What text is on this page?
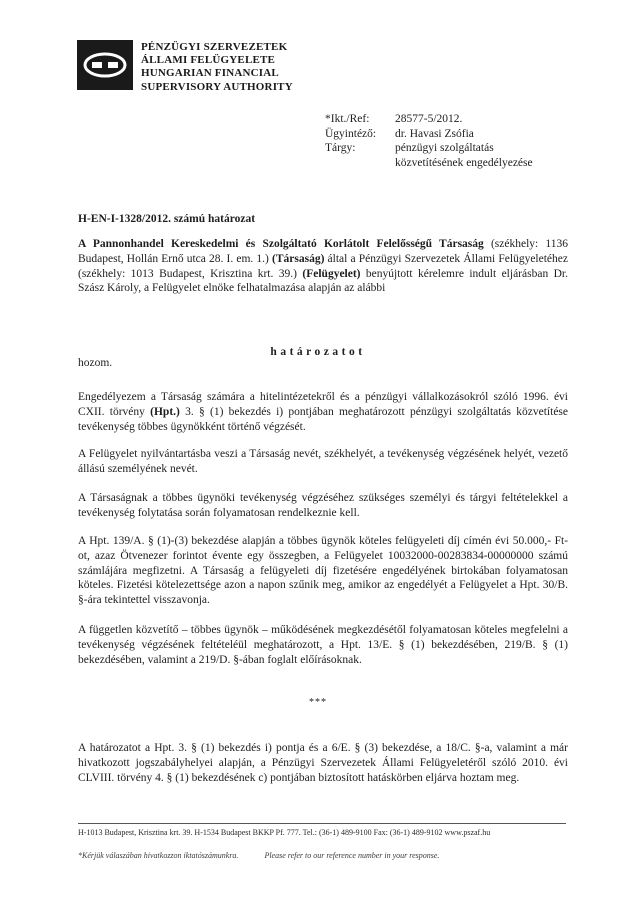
PÉNZÜGYI SZERVEZETEK
ÁLLAMI FELÜGYELETE
HUNGARIAN FINANCIAL
SUPERVISORY AUTHORITY
*Ikt./Ref:	28577-5/2012.
Ügyintéző:	dr. Havasi Zsófia
Tárgy:	pénzügyi szolgáltatás
közvetítésének engedélyezése
H-EN-I-1328/2012. számú határozat
A Pannonhandel Kereskedelmi és Szolgáltató Korlátolt Felelősségű Társaság (székhely: 1136 Budapest, Hollán Ernő utca 28. I. em. 1.) (Társaság) által a Pénzügyi Szervezetek Állami Felügyeletéhez (székhely: 1013 Budapest, Krisztina krt. 39.) (Felügyelet) benyújtott kérelemre indult eljárásban Dr. Szász Károly, a Felügyelet elnöke felhatalmazása alapján az alábbi
határozatot
hozom.
Engedélyezem a Társaság számára a hitelintézetekről és a pénzügyi vállalkozásokról szóló 1996. évi CXII. törvény (Hpt.) 3. § (1) bekezdés i) pontjában meghatározott pénzügyi szolgáltatás közvetítése tevékenység többes ügynökként történő végzését.
A Felügyelet nyilvántartásba veszi a Társaság nevét, székhelyét, a tevékenység végzésének helyét, vezető állású személyének nevét.
A Társaságnak a többes ügynöki tevékenység végzéséhez szükséges személyi és tárgyi feltételekkel a tevékenység folytatása során folyamatosan rendelkeznie kell.
A Hpt. 139/A. § (1)-(3) bekezdése alapján a többes ügynök köteles felügyeleti díj címén évi 50.000,- Ft-ot, azaz Ötvenezer forintot évente egy összegben, a Felügyelet 10032000-00283834-00000000 számú számlájára megfizetni. A Társaság a felügyeleti díj fizetésére engedélyének birtokában folyamatosan köteles. Fizetési kötelezettsége azon a napon szűnik meg, amikor az engedélyét a Felügyelet a Hpt. 30/B. §-ára tekintettel visszavonja.
A független közvetítő – többes ügynök – működésének megkezdésétől folyamatosan köteles megfelelni a tevékenység végzésének feltételéül meghatározott, a Hpt. 13/E. § (1) bekezdésében, 219/B. § (1) bekezdésében, valamint a 219/D. §-ában foglalt előírásoknak.
***
A határozatot a Hpt. 3. § (1) bekezdés i) pontja és a 6/E. § (3) bekezdése, a 18/C. §-a, valamint a már hivatkozott jogszabályhelyei alapján, a Pénzügyi Szervezetek Állami Felügyeletéről szóló 2010. évi CLVIII. törvény 4. § (1) bekezdésének c) pontjában biztosított hatáskörben eljárva hoztam meg.
H-1013 Budapest, Krisztina krt. 39. H-1534 Budapest BKKP Pf. 777. Tel.: (36-1) 489-9100 Fax: (36-1) 489-9102 www.pszaf.hu
*Kérjük válaszában hivatkozzon iktatószámunkra.	Please refer to our reference number in your response.
